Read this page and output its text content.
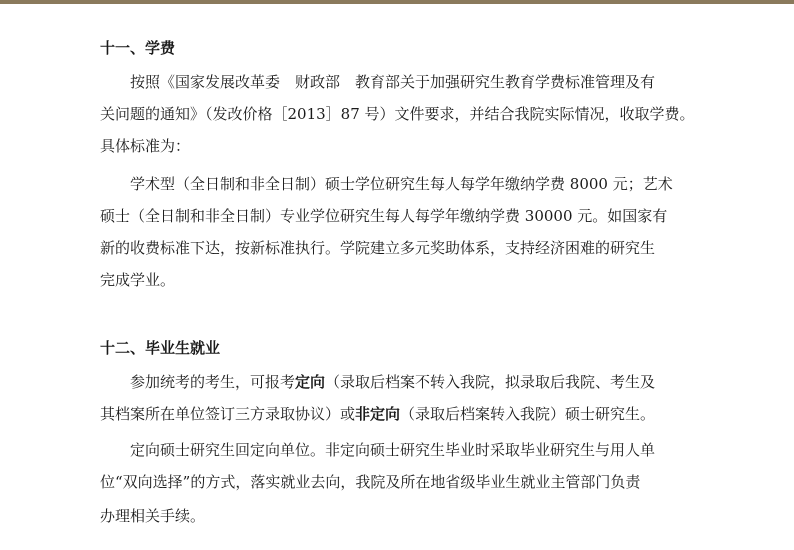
十一、学费
按照《国家发展改革委　财政部　教育部关于加强研究生教育学费标准管理及有
关问题的通知》（发改价格［2013］87 号）文件要求，并结合我院实际情况，收取学费。
具体标准为：
学术型（全日制和非全日制）硕士学位研究生每人每学年缴纳学费 8000 元；艺术
硕士（全日制和非全日制）专业学位研究生每人每学年缴纳学费 30000 元。如国家有
新的收费标准下达，按新标准执行。学院建立多元奖助体系，支持经济困难的研究生
完成学业。
十二、毕业生就业
参加统考的考生，可报考定向（录取后档案不转入我院，拟录取后我院、考生及
其档案所在单位签订三方录取协议）或非定向（录取后档案转入我院）硕士研究生。
定向硕士研究生回定向单位。非定向硕士研究生毕业时采取毕业研究生与用人单
位“双向选择”的方式，落实就业去向，我院及所在地省级毕业生就业主管部门负责
办理相关手续。
